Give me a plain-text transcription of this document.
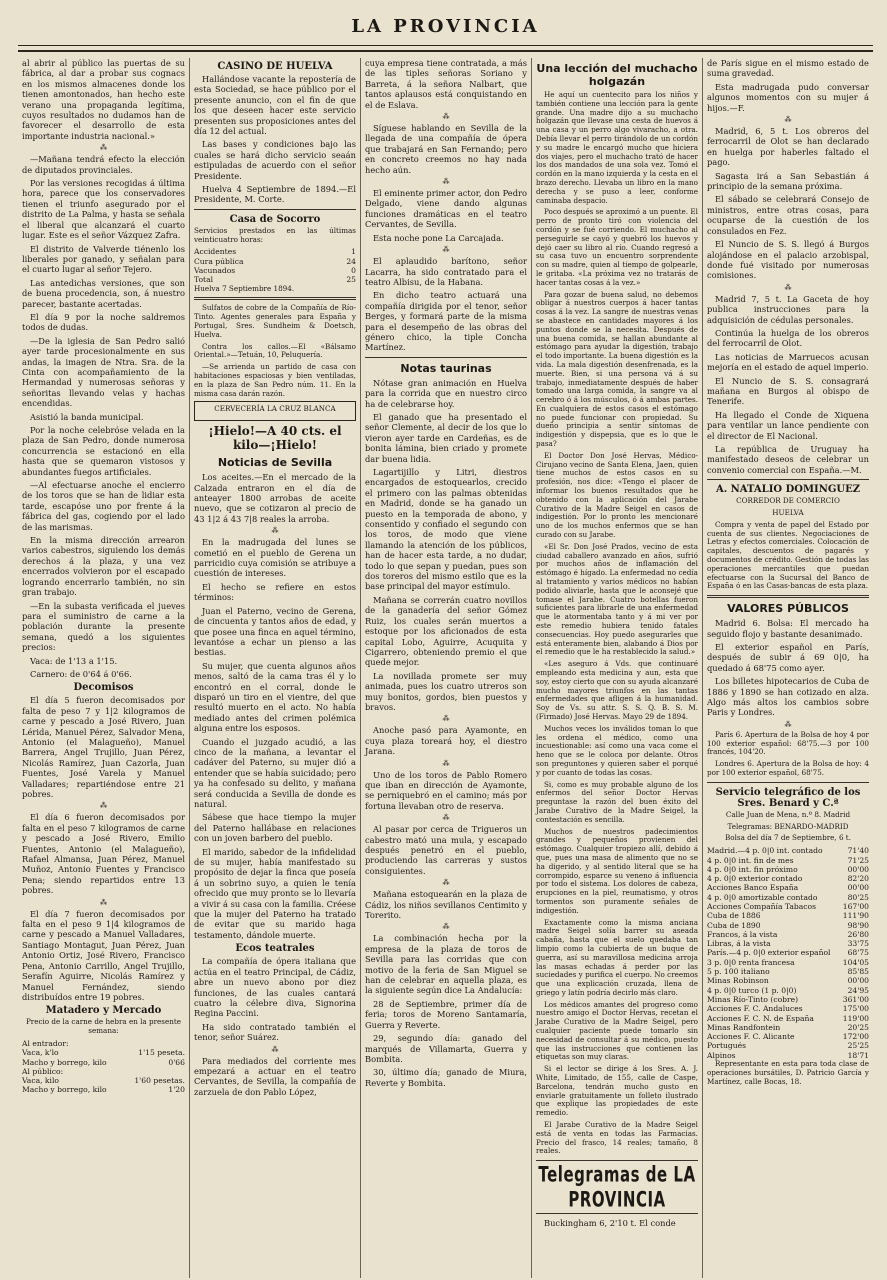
LA PROVINCIA

al abrir al público las puertas de su fábrica, al dar a probar sus cognacs en los mismos almacenes donde los tienen amontonados, han hecho este verano una propaganda legítima, cuyos resultados no dudamos han de favorecer el desarrollo de esta importante industria nacional.»

⁂

—Mañana tendrá efecto la elección de diputados provinciales.

Por las versiones recogidas á última hora, parece que los conservadores tienen el triunfo asegurado por el distrito de La Palma, y hasta se señala el liberal que alcanzará el cuarto lugar. Este es el señor Vázquez Zafra.

El distrito de Valverde tiénenlo los liberales por ganado, y señalan para el cuarto lugar al señor Tejero.

Las antedichas versiones, que son de buena procedencia, son, á nuestro parecer, bastante acertadas.

El día 9 por la noche saldremos todos de dudas.

—De la iglesia de San Pedro salió ayer tarde procesionalmente en sus andas, la imagen de Ntra. Sra. de la Cinta con acompañamiento de la Hermandad y numerosas señoras y señoritas llevando velas y hachas encendidas.

Asistió la banda municipal.

Por la noche celebróse velada en la plaza de San Pedro, donde numerosa concurrencia se estacionó en ella hasta que se quemaron vistosos y abundantes fuegos artificiales.

—Al efectuarse anoche el encierro de los toros que se han de lidiar esta tarde, escapóse uno por frente á la fábrica del gas, cogiendo por el lado de las marismas.

En la misma dirección arrearon varios cabestros, siguiendo los demás derechos á la plaza, y una vez encerrados volvieron por el escapado logrando encerrarlo también, no sin gran trabajo.

—En la subasta verificada el jueves para el suministro de carne a la población durante la presente semana, quedó a los siguientes precios:

Vaca: de 1'13 a 1'15.

Carnero: de 0'64 á 0'66.

Decomisos

El día 5 fueron decomisados por falta de peso 7 y 1|2 kilogramos de carne y pescado a José Rivero, Juan Lérida, Manuel Pérez, Salvador Mena, Antonio (el Malagueño), Manuel Barrera, Angel Trujillo, Juan Pérez, Nicolás Ramírez, Juan Cazorla, Juan Fuentes, José Varela y Manuel Valladares; repartiéndose entre 21 pobres.

⁂

El día 6 fueron decomisados por falta en el peso 7 kilogramos de carne y pescado a José Rivero, Emilio Fuentes, Antonio (el Malagueño), Rafael Almansa, Juan Pérez, Manuel Muñoz, Antonio Fuentes y Francisco Pena; siendo repartidos entre 13 pobres.

⁂

El día 7 fueron decomisados por falta en el peso 9 1|4 kilogramos de carne y pescado a Manuel Valladares, Santiago Montagut, Juan Pérez, Juan Antonio Ortiz, José Rivero, Francisco Pena, Antonio Carrillo, Angel Trujillo, Serafín Aguirre, Nicolás Ramírez y Manuel Fernández, siendo distribuídos entre 19 pobres.

Matadero y Mercado

Precio de la carne de hebra en la presente semana:

Al entrador:
Vaca, k'lo	1'15 peseta.
Macho y borrego, kilo	0'66
Al público:
Vaca, kilo	1'60 pesetas.
Macho y borrego, kilo	1'20
CASINO DE HUELVA

Hallándose vacante la repostería de esta Sociedad, se hace público por el presente anuncio, con el fin de que los que deseen hacer este servicio presenten sus proposiciones antes del día 12 del actual.

Las bases y condiciones bajo las cuales se hará dicho servicio seaán estipuladas de acuerdo con el señor Presidente.

Huelva 4 Septiembre de 1894.—El Presidente, M. Corte.

Casa de Socorro

Servicios prestados en las últimas veinticuatro horas:

Accidentes	1
Cura pública	24
Vacunados	0
Total	25

Huelva 7 Septiembre 1894.

Sulfatos de cobre de la Compañía de Río-Tinto. Agentes generales para España y Portugal, Sres. Sundheim & Doetsch, Huelva.

Contra los callos.—El «Bálsamo Oriental.»—Tetuán, 10, Peluquería.

—Se arrienda un partido de casa con habitaciones espaciosas y bien ventiladas, en la plaza de San Pedro núm. 11. En la misma casa darán razón.

CERVECERÍA LA CRUZ BLANCA

¡Hielo!—A 40 cts. el kilo—¡Hielo!
Noticias de Sevilla

Los aceites.—En el mercado de la Calzada entraron en el día de anteayer 1800 arrobas de aceite nuevo, que se cotizaron al precio de 43 1|2 á 43 7|8 reales la arroba.

⁂

En la madrugada del lunes se cometió en el pueblo de Gerena un parricidio cuya comisión se atribuye a cuestión de intereses.

El hecho se refiere en estos términos:

Juan el Paterno, vecino de Gerena, de cincuenta y tantos años de edad, y que posee una finca en aquel término, levantóse a echar un pienso a las bestias.

Su mujer, que cuenta algunos años menos, saltó de la cama tras él y lo encontró en el corral, donde le disparó un tiro en el vientre, del que resultó muerto en el acto. No había mediado antes del crimen polémica alguna entre los esposos.

Cuando el juzgado acudió, a las cinco de la mañana, a levantar el cadáver del Paterno, su mujer dió a entender que se había suicidado; pero ya ha confesado su delito, y mañana será conducida a Sevilla de donde es natural.

Sábese que hace tiempo la mujer del Paterno hallábase en relaciones con un joven barbero del pueblo.

El marido, sabedor de la infidelidad de su mujer, había manifestado su propósito de dejar la finca que poseía á un sobrino suyo, a quien le tenía ofrecido que muy pronto se lo llevaría a vivir á su casa con la familia. Créese que la mujer del Paterno ha tratado de evitar que su marido haga testamento, dándole muerte.

Ecos teatrales

La compañía de ópera italiana que actúa en el teatro Principal, de Cádiz, abre un nuevo abono por diez funciones, de las cuales cantará cuatro la célebre diva, Signorina Regina Paccini.

Ha sido contratado también el tenor, señor Suárez.

⁂

Para mediados del corriente mes empezará a actuar en el teatro Cervantes, de Sevilla, la compañía de zarzuela de don Pablo López,

cuya empresa tiene contratada, a más de las tiples señoras Soriano y Barreta, á la señora Nalbart, que tantos aplausos está conquistando en el de Eslava.

⁂

Síguese hablando en Sevilla de la llegada de una compañía de ópera que trabajará en San Fernando; pero en concreto creemos no hay nada hecho aún.

⁂

El eminente primer actor, don Pedro Delgado, viene dando algunas funciones dramáticas en el teatro Cervantes, de Sevilla.

Esta noche pone La Carcajada.

⁂

El aplaudido barítono, señor Lacarra, ha sido contratado para el teatro Albisu, de la Habana.

En dicho teatro actuará una compañía dirigida por el tenor, señor Berges, y formará parte de la misma para el desempeño de las obras del género chico, la tiple Concha Martínez.

Notas taurinas

Nótase gran animación en Huelva para la corrida que en nuestro circo ha de celebrarse hoy.

El ganado que ha presentado el señor Clemente, al decir de los que lo vieron ayer tarde en Cardeñas, es de bonita lámina, bien criado y promete dar buena lidia.

Lagartijillo y Litri, diestros encargados de estoquearlos, crecido el primero con las palmas obtenidas en Madrid, donde se ha ganado un puesto en la temporada de abono, y consentido y confiado el segundo con los toros, de modo que viene llamando la atención de los públicos, han de hacer esta tarde, a no dudar, todo lo que sepan y puedan, pues son dos toreros del mismo estilo que es la base principal del mayor estímulo.

Mañana se correrán cuatro novillos de la ganadería del señor Gómez Ruiz, los cuales serán muertos a estoque por los aficionados de esta capital Lobo, Aguirre, Acuquita y Cigarrero, obteniendo premio el que quede mejor.

La novillada promete ser muy animada, pues los cuatro utreros son muy bonitos, gordos, bien puestos y bravos.

⁂

Anoche pasó para Ayamonte, en cuya plaza toreará hoy, el diestro Jarana.

⁂

Uno de los toros de Pablo Romero que iban en dirección de Ayamonte, se perniquebró en el camino; más por fortuna llevaban otro de reserva.

⁂

Al pasar por cerca de Trigueros un cabestro mató una mula, y escapado después penetró en el pueblo, produciendo las carreras y sustos consiguientes.

⁂

Mañana estoquearán en la plaza de Cádiz, los niños sevillanos Centimito y Torerito.

⁂

La combinación hecha por la empresa de la plaza de toros de Sevilla para las corridas que con motivo de la feria de San Miguel se han de celebrar en aquella plaza, es la siguiente según dice La Andalucía:

28 de Septiembre, primer día de feria; toros de Moreno Santamaría, Guerra y Reverte.

29, segundo día: ganado del marqués de Villamarta, Guerra y Bombita.

30, último día; ganado de Miura, Reverte y Bombita.

Una lección del muchacho holgazán

He aquí un cuentecito para los niños y también contiene una lección para la gente grande. Una madre dijo a su muchacho holgazán que llevase una cesta de huevos á una casa y un perro algo vivaracho, a otra. Debía llevar el perro tirándolo de un cordón y su madre le encargó mucho que hiciera dos viajes, pero el muchacho trató de hacer los dos mandados de una sola vez. Tomó el cordón en la mano izquierda y la cesta en el brazo derecho. Llevaba un libro en la mano derecha y se puso a leer, conforme caminaba despacio.

Poco después se aproximó a un puente. El perro de pronto tiró con violencia del cordón y se fué corriendo. El muchacho al perseguirle se cayó y quebró los huevos y dejó caer su libro al río. Cuando regresó a su casa tuvo un encuentro sorprendente con su madre, quien al tiempo de golpearle, le gritaba. «La próxima vez no tratarás de hacer tantas cosas á la vez.»

Para gozar de buena salud, no debemos obligar á nuestros cuerpos á hacer tantas cosas á la vez. La sangre de nuestras venas se abastece en cantidades mayores á los puntos donde se la necesita. Después de una buena comida, se hallan abundante al estómago para ayudar la digestión, trabajo el todo importante. La buena digestión es la vida. La mala digestión desenfrenada, es la muerte. Bien, si una persona vá á su trabajo, inmediatamente después de haber tomado una larga comida, la sangre va al cerebro ó á los músculos, ó á ambas partes. En cualquiera de estos casos el estómago no puede funcionar con propiedad. Su dueño principia a sentir síntomas de indigestión y dispepsia, que es lo que le pasa?

El Doctor Don José Hervas, Médico-Cirujano vecino de Santa Elena, Jaen, quien tiene muchos de estos casos en su profesión, nos dice: «Tengo el placer de informar los buenos resultados que he obtenido con la aplicación del Jarabe Curativo de la Madre Seigel en casos de indigestión. Por lo pronto les mencionaré uno de los muchos enfermos que se han curado con su Jarabe.

«El Sr. Don José Prados, vecino de esta ciudad caballero avanzado en años, sufrió por muchos años de inflamación del estómago é hígado. La enfermedad no cedía al tratamiento y varios médicos no habían podido aliviarle, hasta que le aconsejé que tomase el Jarabe. Cuatro botellas fueron suficientes para librarle de una enfermedad que le atormentaba tanto y á mi ver por este remedio hubiera tenido fatales consecuencias. Hoy puedo asegurarles que está enteramente bien, alabando á Dios por el remedio que le ha restablecido la salud.»

«Les aseguro á Vds. que continuaré empleando esta medicina y aun, esta que soy, estoy cierto que con su ayuda alcanzaré mucho mayores triunfos en las tantas enfermedades que afligen á la humanidad. Soy de Vs. su attr. S. S. Q. B. S. M. (Firmado) José Hervas. Mayo 29 de 1894.

Muchos veces los inválidos toman lo que les ordena el médico, como una incuestionable: así como una vaca come el heno que se le coloca por delante. Otros son preguntones y quieren saber el porqué y por cuanto de todas las cosas.

Si, como es muy probable alguno de los enfermos del señor Doctor Hervas preguntase la razón del buen éxito del Jarabe Curativo de la Madre Seigel, la contestación es sencilla.

Muchos de nuestros padecimientos grandes y pequeños provienen del estómago. Cualquier tropiezo allí, debido á que, pues una masa de alimento que no se ha digerido, y al sentido literal que se ha corrompido, esparce su veneno á influencia por todo el sistema. Los dolores de cabeza, erupciones en la piel, reumatismo, y otros tormentos son puramente señales de indigestión.

Exactamente como la misma anciana madre Seigel solía barrer su aseada cabaña, hasta que el suelo quedaba tan limpio como la cubierta de un buque de guerra, así su maravillosa medicina arroja las masas echadas á perder por las suciedades y purifica el cuerpo. No creemos que una explicación cruzada, llena de griego y latín podría decirlo más claro.

Los médicos amantes del progreso como nuestro amigo el Doctor Hervas, recetan el Jarabe Curativo de la Madre Seigel, pero cualquier paciente puede tomarlo sin necesidad de consultar á su médico, puesto que las instrucciones que contienen las etiquetas son muy claras.

Si el lector se dirige á los Sres. A. J. White, Limitado, de 155, calle de Caspe, Barcelona, tendrán mucho gusto en enviarle gratuitamente un folleto ilustrado que explique las propiedades de este remedio.

El Jarabe Curativo de la Madre Seigel está de venta en todas las Farmacias. Precio del frasco, 14 reales; tamaño, 8 reales.

Telegramas de LA PROVINCIA

Buckingham 6, 2'10 t. El conde

de París sigue en el mismo estado de suma gravedad.

Esta madrugada pudo conversar algunos momentos con su mujer á hijos.—F.

⁂

Madrid, 6, 5 t. Los obreros del ferrocarril de Olot se han declarado en huelga por haberles faltado el pago.

Sagasta irá a San Sebastián á principio de la semana próxima.

El sábado se celebrará Consejo de ministros, entre otras cosas, para ocuparse de la cuestión de los consulados en Fez.

El Nuncio de S. S. llegó á Burgos alojándose en el palacio arzobispal, donde fué visitado por numerosas comisiones.

⁂

Madrid 7, 5 t. La Gaceta de hoy publica instrucciones para la adquisición de cédulas personales.

Continúa la huelga de los obreros del ferrocarril de Olot.

Las noticias de Marruecos acusan mejoría en el estado de aquel imperio.

El Nuncio de S. S. consagrará mañana en Burgos al obispo de Tenerife.

Ha llegado el Conde de Xiquena para ventilar un lance pendiente con el director de El Nacional.

La república de Uruguay ha manifestado deseos de celebrar un convenio comercial con España.—M.

A. NATALIO DOMINGUEZ

CORREDOR DE COMERCIO

HUELVA

Compra y venta de papel del Estado por cuenta de sus clientes. Negociaciones de Letras y efectos comerciales. Colocación de capitales, descuentos de pagarés y documentos de crédito. Gestión de todas las operaciones mercantiles que puedan efectuarse con la Sucursal del Banco de España ó en las Casas-bancas de esta plaza.

VALORES PÚBLICOS

Madrid 6. Bolsa: El mercado ha seguido flojo y bastante desanimado.

El exterior español en París, después de subir á 69 0|0, ha quedado á 68'75 como ayer.

Los billetes hipotecarios de Cuba de 1886 y 1890 se han cotizado en alza. Algo más altos los cambios sobre Paris y Londres.

⁂

París 6. Apertura de la Bolsa de hoy 4 por 100 exterior español: 68'75.—3 por 100 francés, 104'20.

Londres 6. Apertura de la Bolsa de hoy: 4 por 100 exterior español, 68'75.

Servicio telegráfico de los Sres. Benard y C.ª

Calle Juan de Mena, n.º 8. Madrid

Telegramas: BENARDO-MADRID

Bolsa del día 7 de Septiembre, 6 t.

Madrid.—4 p. 0|0 int. contado	71'40
4 p. 0|0 int. fin de mes	71'25
4 p. 0|0 int. fin próximo	00'00
4 p. 0|0 exterior contado	82'20
Acciones Banco España	00'00
4 p. 0|0 amortizable contado	80'25
Acciones Compañía Tabacos	167'00
Cuba de 1886	111'90
Cuba de 1890	98'90
Francos, á la vista	26'80
Libras, á la vista	33'75
París.—4 p. 0|0 exterior español	68'75
3 p. 0|0 renta francesa	104'05
5 p. 100 italiano	85'85
Minas Robinson	00'00
4 p. 0|0 turco (1 p. 0|0)	24'95
Minas Río-Tinto (cobre)	361'00
Acciones F. C. Andaluces	175'00
Acciones F. C. N. de España	119'00
Minas Randfontein	20'25
Acciones F. C. Alicante	172'00
Portugués	25'25
Alpinos	18'71

Representante en esta para toda clase de operaciones bursátiles, D. Patricio García y Martínez, calle Bocas, 18.
